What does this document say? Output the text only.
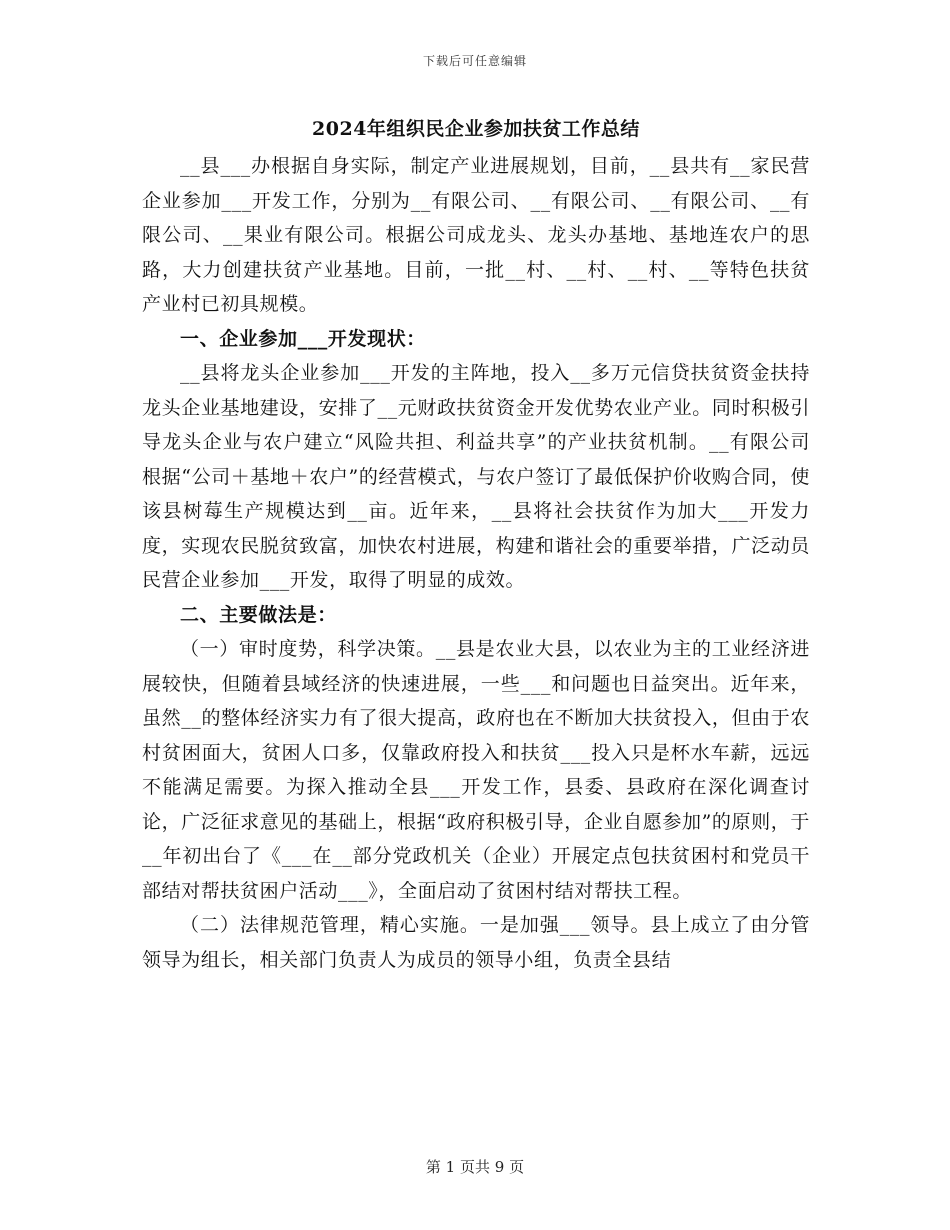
下载后可任意编辑
2024年组织民企业参加扶贫工作总结

__县___办根据自身实际，制定产业进展规划，目前，__县共有__家民营企业参加___开发工作，分别为__有限公司、__有限公司、__有限公司、__有限公司、__果业有限公司。根据公司成龙头、龙头办基地、基地连农户的思路，大力创建扶贫产业基地。目前，一批__村、__村、__村、__等特色扶贫产业村已初具规模。

一、企业参加___开发现状：

__县将龙头企业参加___开发的主阵地，投入__多万元信贷扶贫资金扶持龙头企业基地建设，安排了__元财政扶贫资金开发优势农业产业。同时积极引导龙头企业与农户建立“风险共担、利益共享”的产业扶贫机制。__有限公司根据“公司＋基地＋农户”的经营模式，与农户签订了最低保护价收购合同，使该县树莓生产规模达到__亩。近年来，__县将社会扶贫作为加大___开发力度，实现农民脱贫致富，加快农村进展，构建和谐社会的重要举措，广泛动员民营企业参加___开发，取得了明显的成效。

二、主要做法是：

（一）审时度势，科学决策。__县是农业大县，以农业为主的工业经济进展较快，但随着县域经济的快速进展，一些___和问题也日益突出。近年来，虽然__的整体经济实力有了很大提高，政府也在不断加大扶贫投入，但由于农村贫困面大，贫困人口多，仅靠政府投入和扶贫___投入只是杯水车薪，远远不能满足需要。为探入推动全县___开发工作，县委、县政府在深化调查讨论，广泛征求意见的基础上，根据“政府积极引导，企业自愿参加”的原则，于__年初出台了《___在__部分党政机关（企业）开展定点包扶贫困村和党员干部结对帮扶贫困户活动___》，全面启动了贫困村结对帮扶工程。

（二）法律规范管理，精心实施。一是加强___领导。县上成立了由分管领导为组长，相关部门负责人为成员的领导小组，负责全县结

第 1 页共 9 页
